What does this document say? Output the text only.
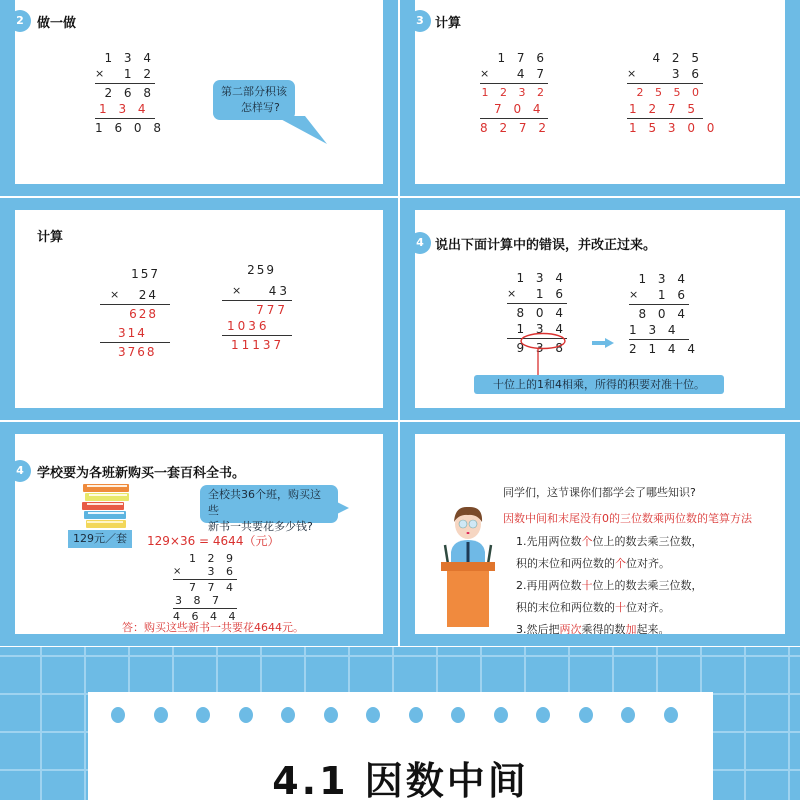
2	做一做
1 3 4
× 1 2
2 6 8
1 3 4
1 6 0 8
第二部分积该
怎样写?
3 计算
1 7 6
× 4 7
1 2 3 2
7 0 4
8 2 7 2
4 2 5
×	3 6
2 5 5 0
1 2 7 5
1 5 3 0 0
计算
157
× 24
628
314
3768
259
× 43
777
1036
11137
4 说出下面计算中的错误，并改正过来。
1 3 4
× 1 6
8 0 4
1 3 4
9 3 8
1 3 4
× 1 6
8 0 4
1 3 4
2 1 4 4
十位上的1和4相乘，所得的积要对准十位。
4	学校要为各班新购买一套百科全书。
129元／套
全校共36个班，购买这些
新书一共要花多少钱?
129×36 = 4644（元）
1 2 9
× 3 6
7 7 4
3 8 7
4 6 4 4
答：购买这些新书一共要花4644元。
同学们，这节课你们都学会了哪些知识?
因数中间和末尾没有0的三位数乘两位数的笔算方法
1.先用两位数个位上的数去乘三位数，
积的末位和两位数的个位对齐。
2.再用两位数十位上的数去乘三位数，
积的末位和两位数的十位对齐。
3.然后把两次乘得的数加起来。
4.1 因数中间
